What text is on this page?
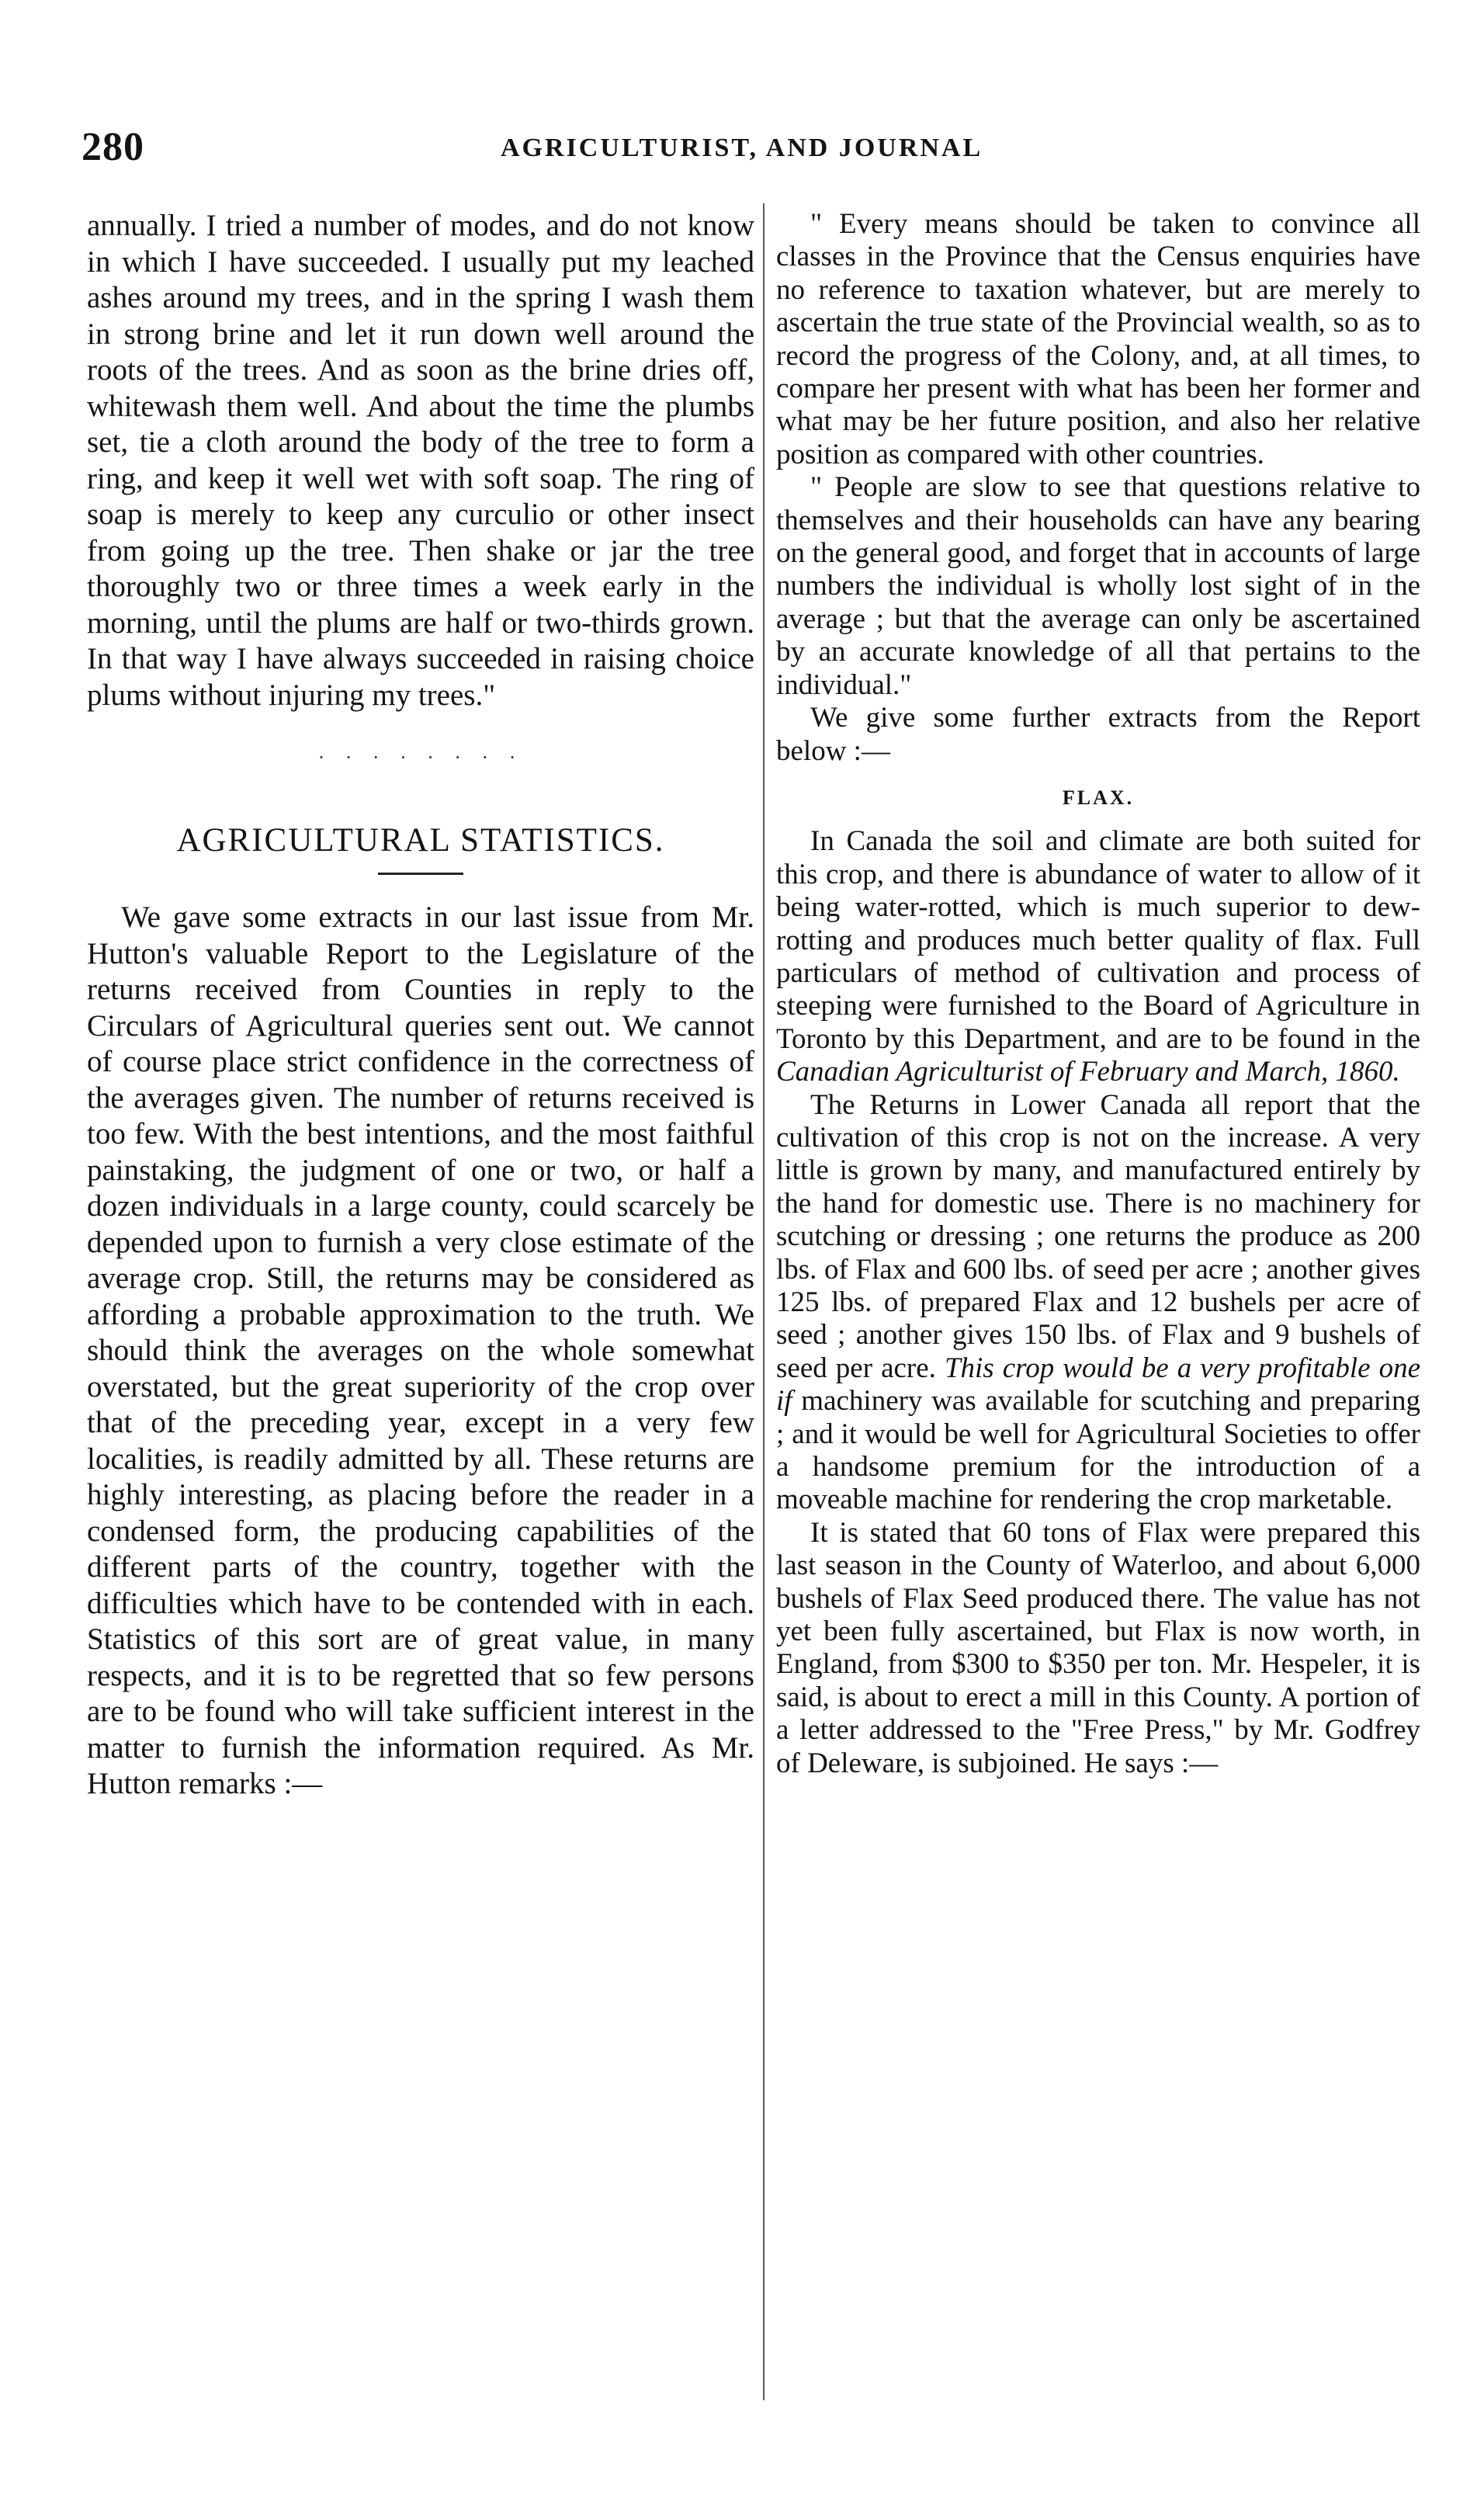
280	AGRICULTURIST, AND JOURNAL

annually. I tried a number of modes, and do not know in which I have succeeded. I usually put my leached ashes around my trees, and in the spring I wash them in strong brine and let it run down well around the roots of the trees. And as soon as the brine dries off, whitewash them well. And about the time the plumbs set, tie a cloth around the body of the tree to form a ring, and keep it well wet with soft soap. The ring of soap is merely to keep any curculio or other insect from going up the tree. Then shake or jar the tree thoroughly two or three times a week early in the morning, until the plums are half or two-thirds grown. In that way I have always succeeded in raising choice plums without injuring my trees."

· · · · · · · ·
AGRICULTURAL STATISTICS.

We gave some extracts in our last issue from Mr. Hutton's valuable Report to the Legislature of the returns received from Counties in reply to the Circulars of Agricultural queries sent out. We cannot of course place strict confidence in the correctness of the averages given. The number of returns received is too few. With the best intentions, and the most faithful painstaking, the judgment of one or two, or half a dozen individuals in a large county, could scarcely be depended upon to furnish a very close estimate of the average crop. Still, the returns may be considered as affording a probable approximation to the truth. We should think the averages on the whole somewhat overstated, but the great superiority of the crop over that of the preceding year, except in a very few localities, is readily admitted by all. These returns are highly interesting, as placing before the reader in a condensed form, the producing capabilities of the different parts of the country, together with the difficulties which have to be contended with in each. Statistics of this sort are of great value, in many respects, and it is to be regretted that so few persons are to be found who will take sufficient interest in the matter to furnish the information required. As Mr. Hutton remarks :—

" Every means should be taken to convince all classes in the Province that the Census enquiries have no reference to taxation whatever, but are merely to ascertain the true state of the Provincial wealth, so as to record the progress of the Colony, and, at all times, to compare her present with what has been her former and what may be her future position, and also her relative position as compared with other countries.

" People are slow to see that questions relative to themselves and their households can have any bearing on the general good, and forget that in accounts of large numbers the individual is wholly lost sight of in the average ; but that the average can only be ascertained by an accurate knowledge of all that pertains to the individual."

We give some further extracts from the Report below :—

FLAX.

In Canada the soil and climate are both suited for this crop, and there is abundance of water to allow of it being water-rotted, which is much superior to dew-rotting and produces much better quality of flax. Full particulars of method of cultivation and process of steeping were furnished to the Board of Agriculture in Toronto by this Department, and are to be found in the Canadian Agriculturist of February and March, 1860.

The Returns in Lower Canada all report that the cultivation of this crop is not on the increase. A very little is grown by many, and manufactured entirely by the hand for domestic use. There is no machinery for scutching or dressing ; one returns the produce as 200 lbs. of Flax and 600 lbs. of seed per acre ; another gives 125 lbs. of prepared Flax and 12 bushels per acre of seed ; another gives 150 lbs. of Flax and 9 bushels of seed per acre. This crop would be a very profitable one if machinery was available for scutching and preparing ; and it would be well for Agricultural Societies to offer a handsome premium for the introduction of a moveable machine for rendering the crop marketable.

It is stated that 60 tons of Flax were prepared this last season in the County of Waterloo, and about 6,000 bushels of Flax Seed produced there. The value has not yet been fully ascertained, but Flax is now worth, in England, from $300 to $350 per ton. Mr. Hespeler, it is said, is about to erect a mill in this County. A portion of a letter addressed to the "Free Press," by Mr. Godfrey of Deleware, is subjoined. He says :—
